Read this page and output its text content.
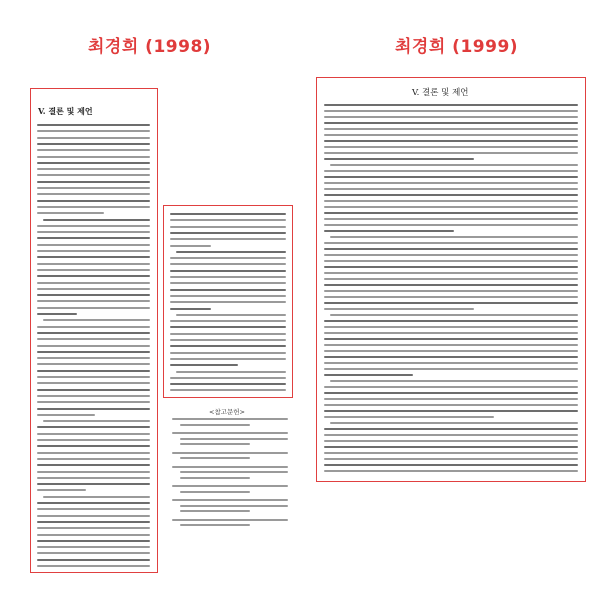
최경희 (1998)	최경희 (1999)
V. 결론 및 제언
V. 결론 및 제언
<참고문헌>
